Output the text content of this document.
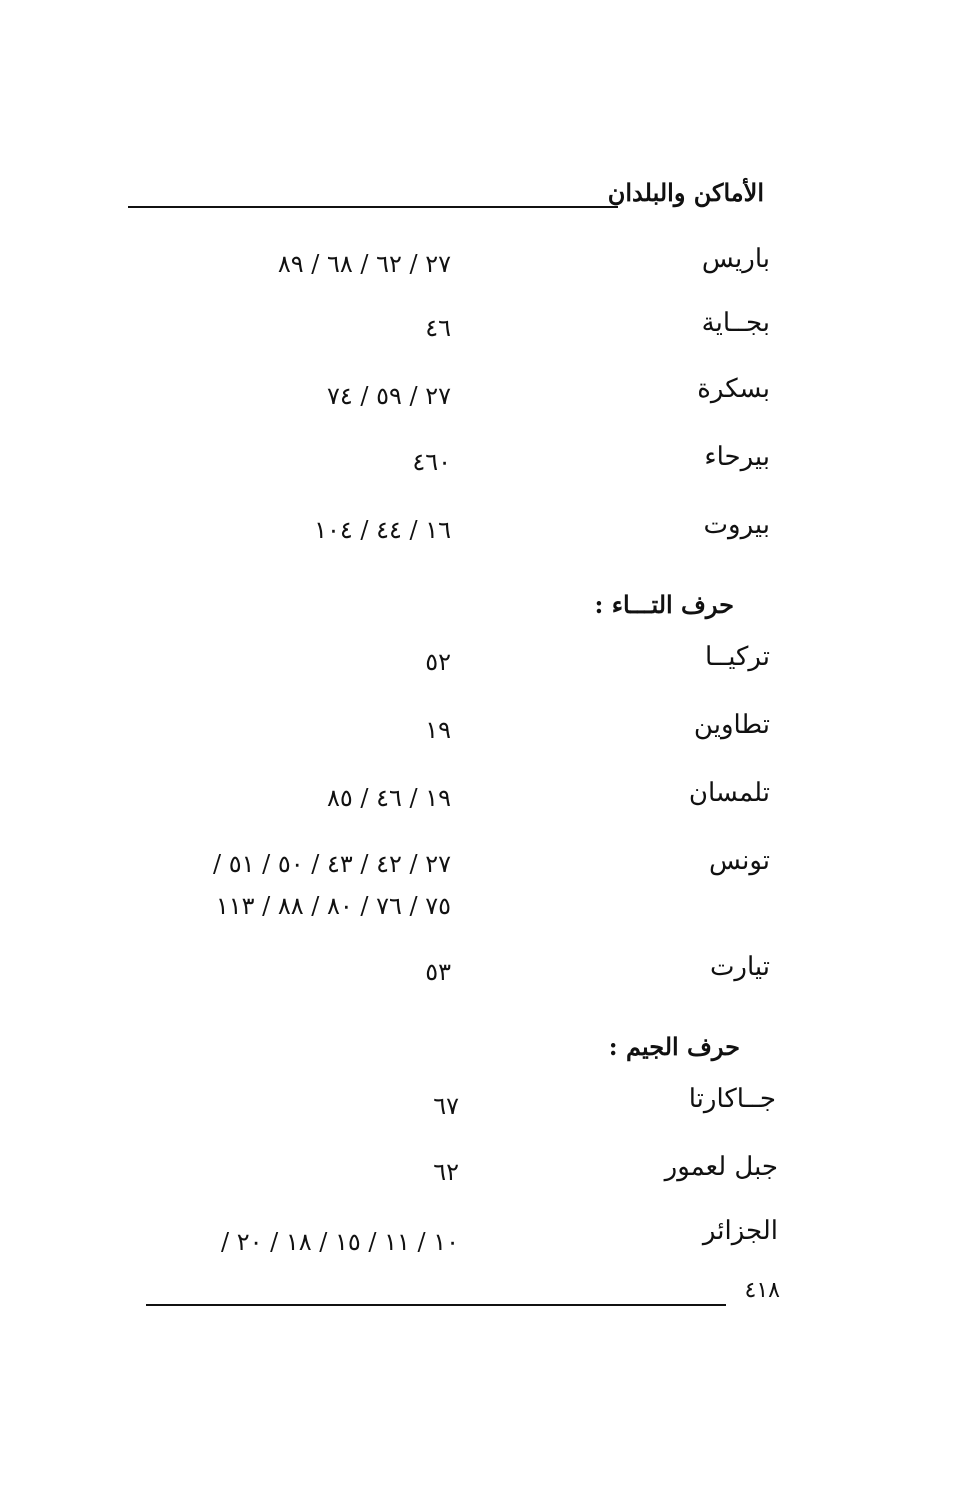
الأماكن والبلدان
باريس
٢٧ / ٦٢ / ٦٨ / ٨٩
بجــاية
٤٦
بسكرة
٢٧ / ٥٩ / ٧٤
بيرحاء
٤٦٠
بيروت
١٦ / ٤٤ / ١٠٤
حرف التـــاء :
تركيــا
٥٢
تطاوين
١٩
تلمسان
١٩ / ٤٦ / ٨٥
تونس
٢٧ / ٤٢ / ٤٣ / ٥٠ / ٥١ /
٧٥ / ٧٦ / ٨٠ / ٨٨ / ١١٣
تيارت
٥٣
حرف الجيم :
جــاكارتا
٦٧
جبل لعمور
٦٢
الجزائر
١٠ / ١١ / ١٥ / ١٨ / ٢٠ /
٤١٨
